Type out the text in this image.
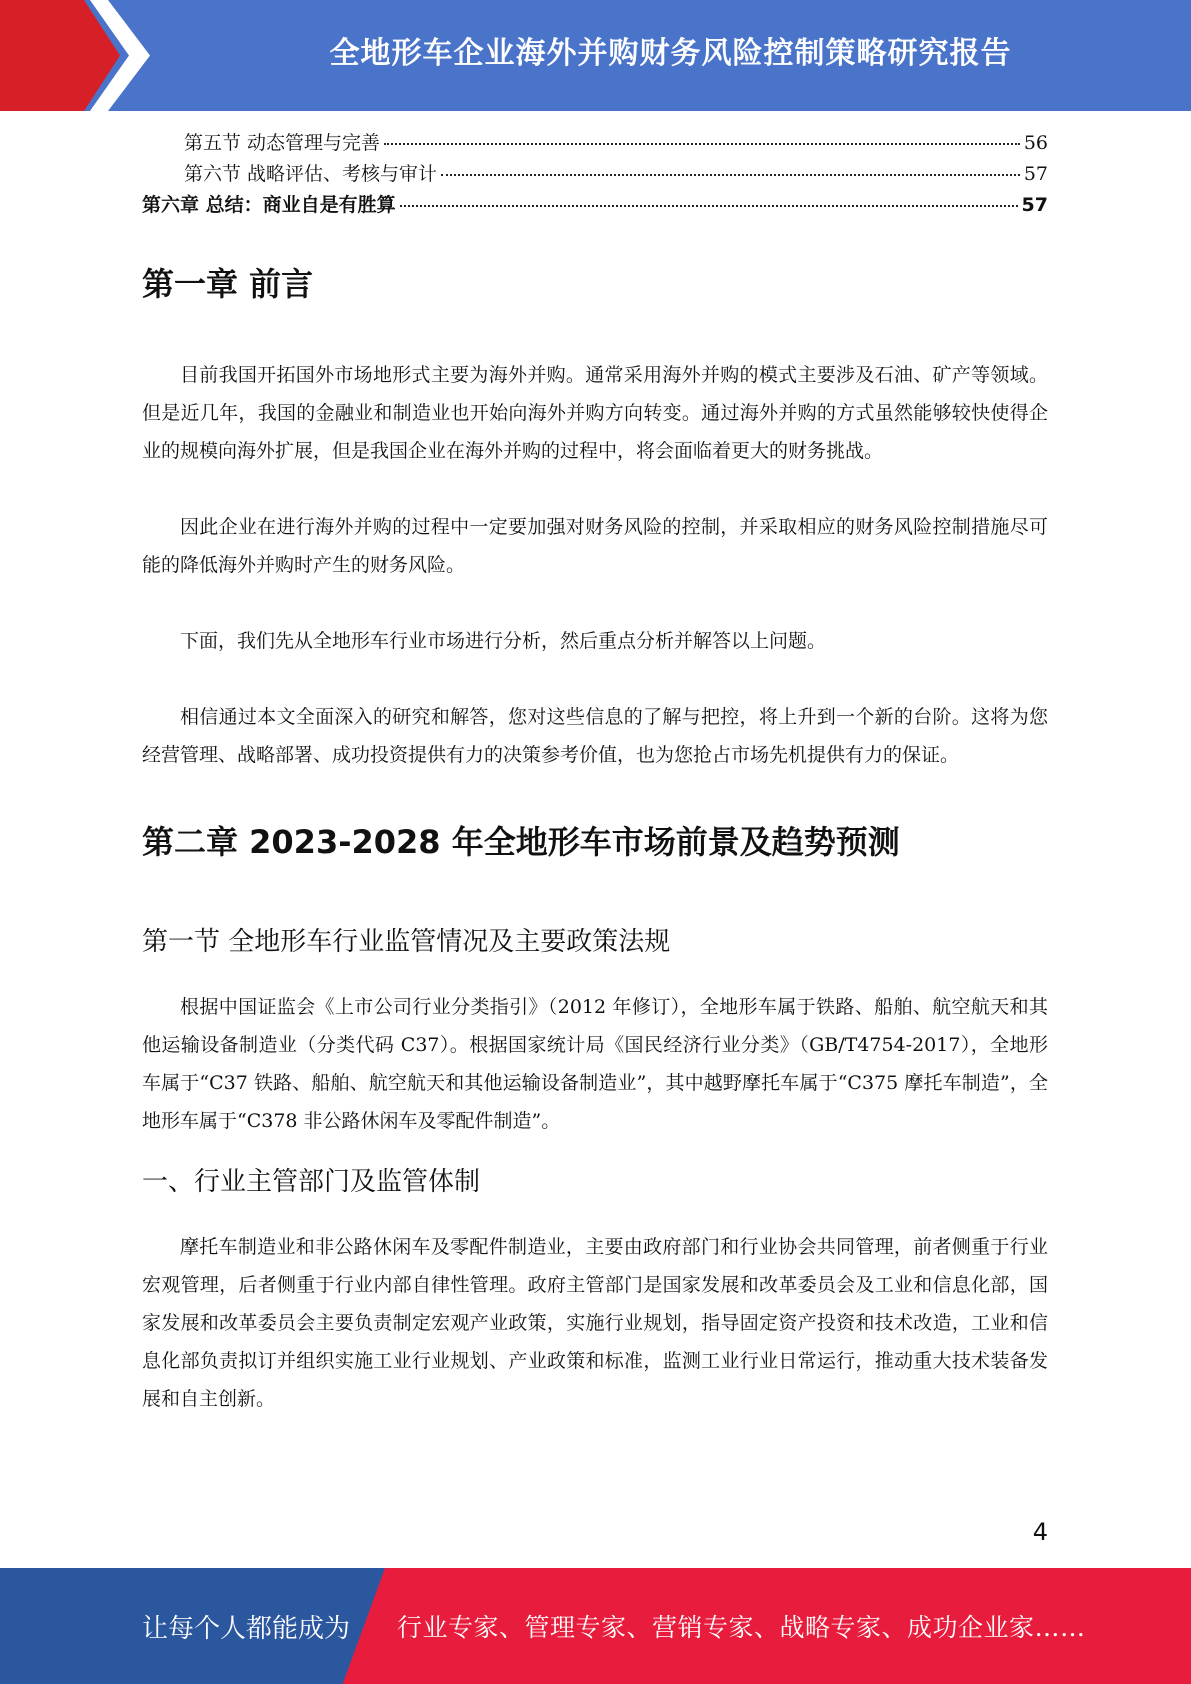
全地形车企业海外并购财务风险控制策略研究报告
第五节 动态管理与完善	56
第六节 战略评估、考核与审计	57
第六章 总结：商业自是有胜算	57
第一章 前言

目前我国开拓国外市场地形式主要为海外并购。通常采用海外并购的模式主要涉及石油、矿产等领域。但是近几年，我国的金融业和制造业也开始向海外并购方向转变。通过海外并购的方式虽然能够较快使得企业的规模向海外扩展，但是我国企业在海外并购的过程中，将会面临着更大的财务挑战。

因此企业在进行海外并购的过程中一定要加强对财务风险的控制，并采取相应的财务风险控制措施尽可能的降低海外并购时产生的财务风险。

下面，我们先从全地形车行业市场进行分析，然后重点分析并解答以上问题。

相信通过本文全面深入的研究和解答，您对这些信息的了解与把控，将上升到一个新的台阶。这将为您经营管理、战略部署、成功投资提供有力的决策参考价值，也为您抢占市场先机提供有力的保证。

第二章 2023-2028 年全地形车市场前景及趋势预测
第一节 全地形车行业监管情况及主要政策法规

根据中国证监会《上市公司行业分类指引》（2012 年修订），全地形车属于铁路、船舶、航空航天和其他运输设备制造业（分类代码 C37）。根据国家统计局《国民经济行业分类》（GB/T4754-2017），全地形车属于“C37 铁路、船舶、航空航天和其他运输设备制造业”，其中越野摩托车属于“C375 摩托车制造”，全地形车属于“C378 非公路休闲车及零配件制造”。

一、行业主管部门及监管体制

摩托车制造业和非公路休闲车及零配件制造业，主要由政府部门和行业协会共同管理，前者侧重于行业宏观管理，后者侧重于行业内部自律性管理。政府主管部门是国家发展和改革委员会及工业和信息化部，国家发展和改革委员会主要负责制定宏观产业政策，实施行业规划，指导固定资产投资和技术改造，工业和信息化部负责拟订并组织实施工业行业规划、产业政策和标准，监测工业行业日常运行，推动重大技术装备发展和自主创新。

4
让每个人都能成为 行业专家、管理专家、营销专家、战略专家、成功企业家……
